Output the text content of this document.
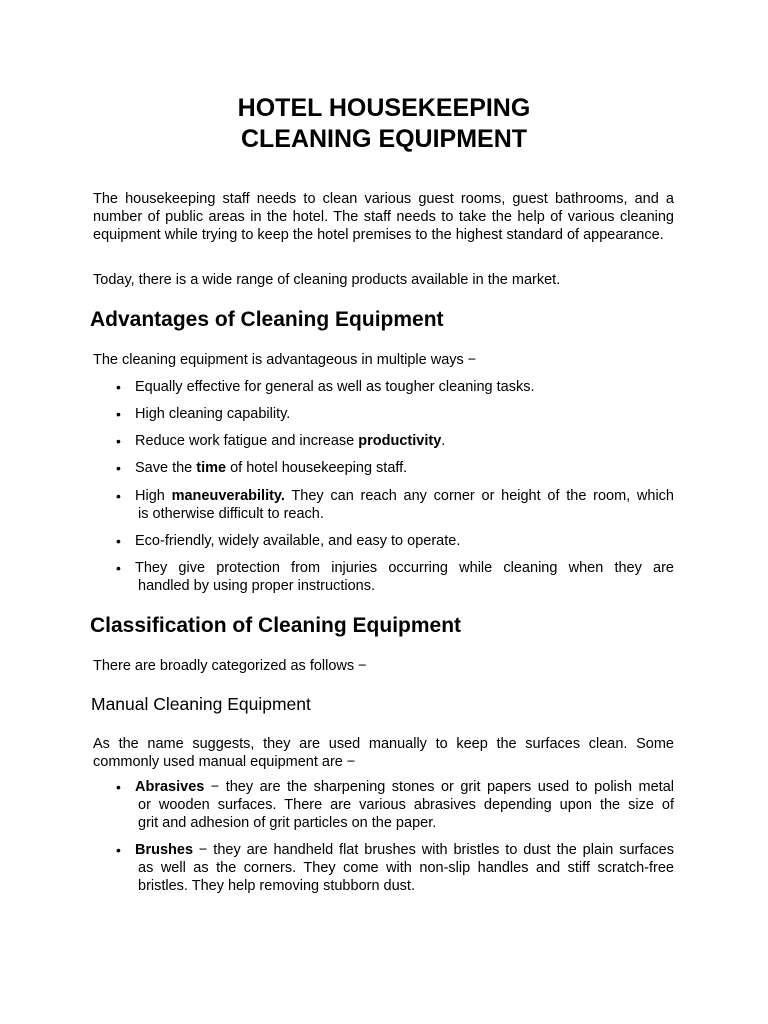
HOTEL HOUSEKEEPING
CLEANING EQUIPMENT
The housekeeping staff needs to clean various guest rooms, guest bathrooms, and a number of public areas in the hotel. The staff needs to take the help of various cleaning equipment while trying to keep the hotel premises to the highest standard of appearance.
Today, there is a wide range of cleaning products available in the market.
Advantages of Cleaning Equipment
The cleaning equipment is advantageous in multiple ways −
• Equally effective for general as well as tougher cleaning tasks.
• High cleaning capability.
• Reduce work fatigue and increase productivity.
• Save the time of hotel housekeeping staff.
• High maneuverability. They can reach any corner or height of the room, which
is otherwise difficult to reach.
• Eco-friendly, widely available, and easy to operate.
• They give protection from injuries occurring while cleaning when they are
handled by using proper instructions.
Classification of Cleaning Equipment
There are broadly categorized as follows −
Manual Cleaning Equipment
As the name suggests, they are used manually to keep the surfaces clean. Some commonly used manual equipment are −
• Abrasives − they are the sharpening stones or grit papers used to polish metal
or wooden surfaces. There are various abrasives depending upon the size of
grit and adhesion of grit particles on the paper.
• Brushes − they are handheld flat brushes with bristles to dust the plain surfaces
as well as the corners. They come with non-slip handles and stiff scratch-free
bristles. They help removing stubborn dust.
